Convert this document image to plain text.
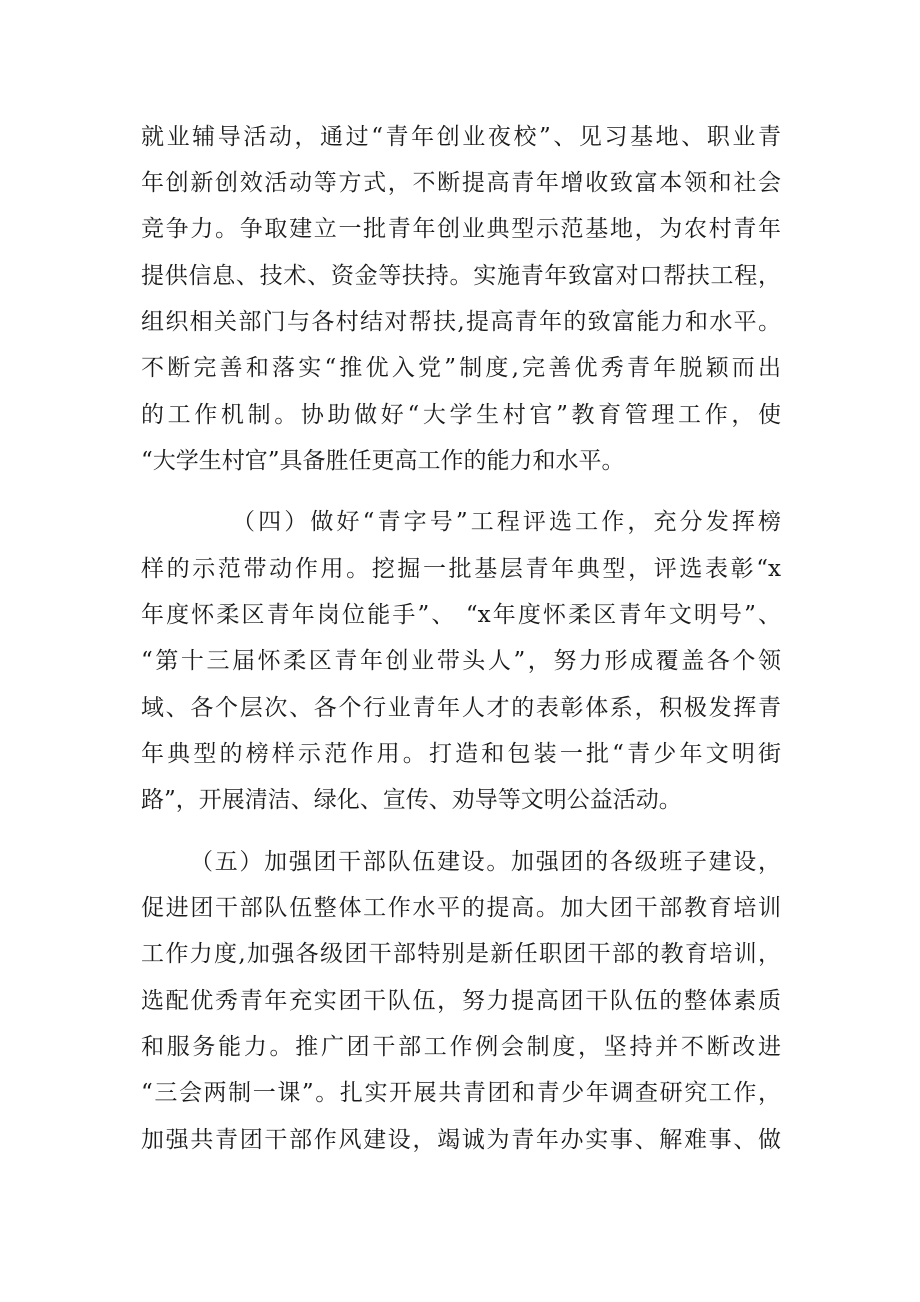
就业辅导活动，通过“青年创业夜校”、见习基地、职业青
年创新创效活动等方式，不断提高青年增收致富本领和社会
竞争力。争取建立一批青年创业典型示范基地，为农村青年
提供信息、技术、资金等扶持。实施青年致富对口帮扶工程，
组织相关部门与各村结对帮扶,提高青年的致富能力和水平。
不断完善和落实“推优入党”制度,完善优秀青年脱颖而出
的工作机制。协助做好“大学生村官”教育管理工作，使
“大学生村官”具备胜任更高工作的能力和水平。
（四）做好“青字号”工程评选工作，充分发挥榜
样的示范带动作用。挖掘一批基层青年典型，评选表彰“x
年度怀柔区青年岗位能手”、 “x年度怀柔区青年文明号”、
“第十三届怀柔区青年创业带头人”，努力形成覆盖各个领
域、各个层次、各个行业青年人才的表彰体系，积极发挥青
年典型的榜样示范作用。打造和包装一批“青少年文明街
路”，开展清洁、绿化、宣传、劝导等文明公益活动。
（五）加强团干部队伍建设。加强团的各级班子建设，
促进团干部队伍整体工作水平的提高。加大团干部教育培训
工作力度,加强各级团干部特别是新任职团干部的教育培训，
选配优秀青年充实团干队伍，努力提高团干队伍的整体素质
和服务能力。推广团干部工作例会制度，坚持并不断改进
“三会两制一课”。扎实开展共青团和青少年调查研究工作，
加强共青团干部作风建设，竭诚为青年办实事、解难事、做
